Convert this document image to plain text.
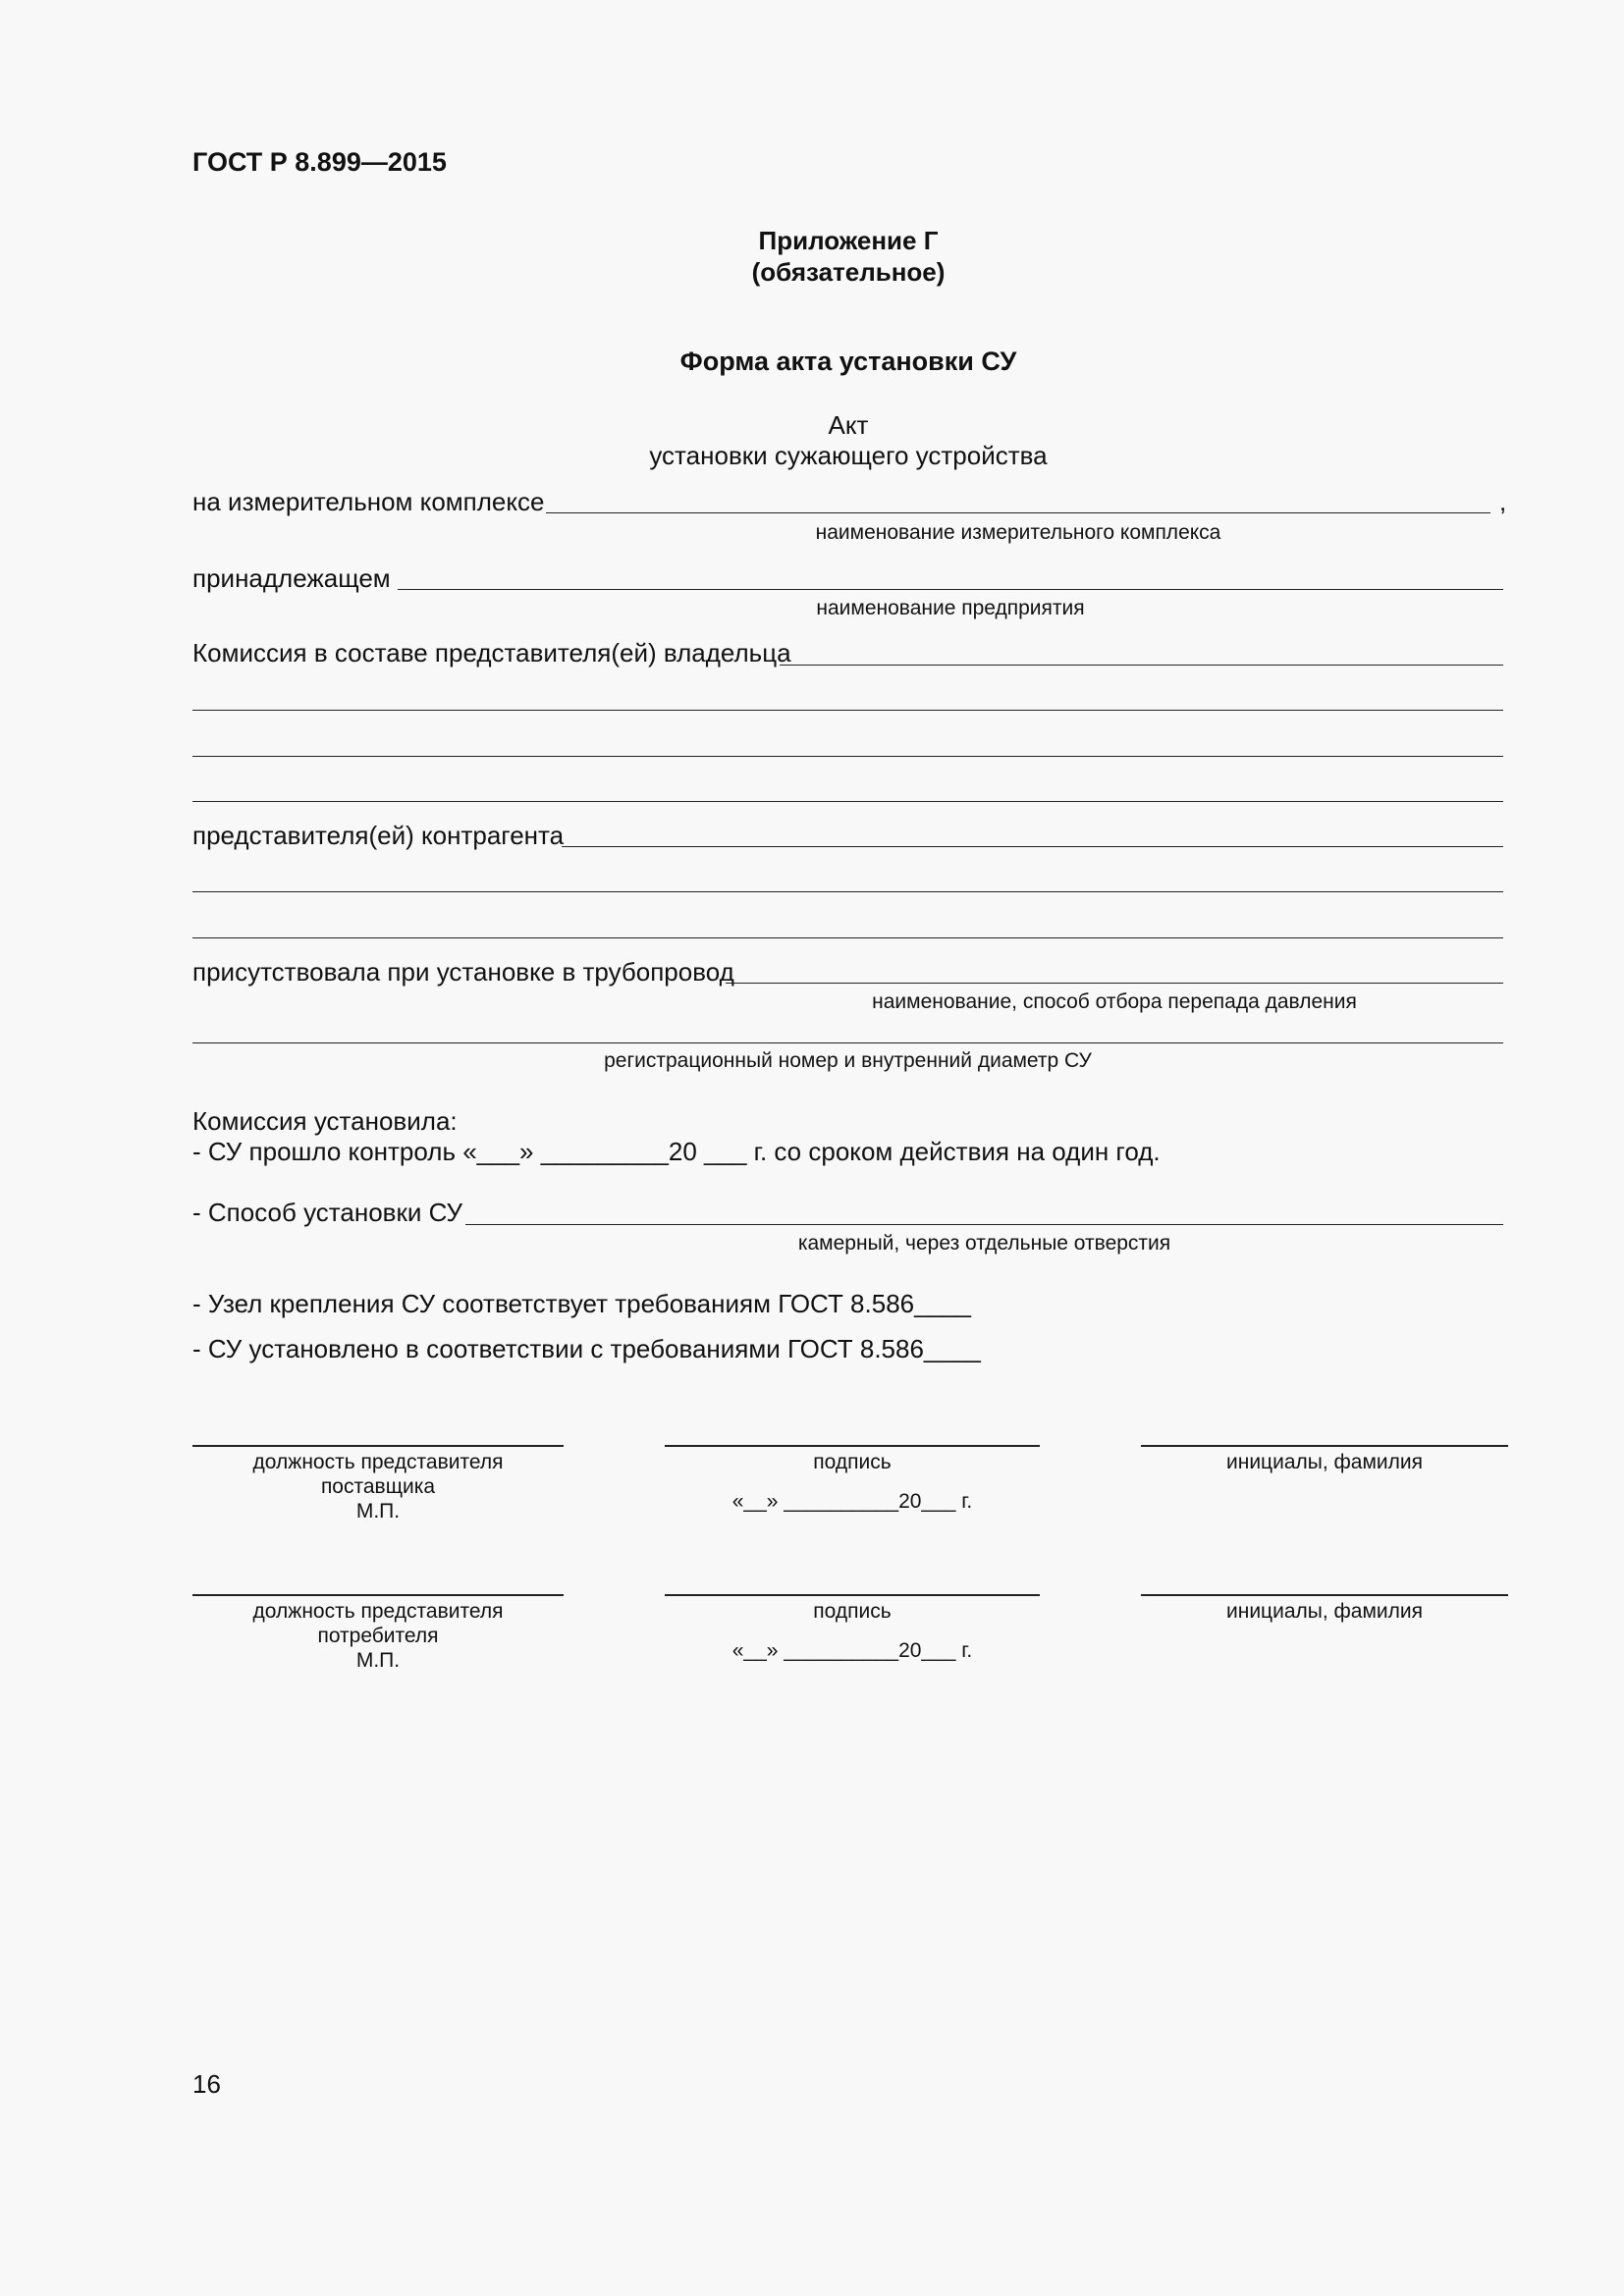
ГОСТ Р 8.899—2015
Приложение Г
(обязательное)
Форма акта установки СУ
Акт
установки сужающего устройства
на измерительном комплексе	,
наименование измерительного комплекса
принадлежащем
наименование предприятия
Комиссия в составе представителя(ей) владельца
представителя(ей) контрагента
присутствовала при установке в трубопровод
наименование, способ отбора перепада давления
регистрационный номер и внутренний диаметр СУ
Комиссия установила:
- СУ прошло контроль «___» _________20 ___ г. со сроком действия на один год.
- Способ установки СУ
камерный, через отдельные отверстия
- Узел крепления СУ соответствует требованиям ГОСТ 8.586____
- СУ установлено в соответствии с требованиями ГОСТ 8.586____
должность представителя
поставщика
М.П.
подпись
«__» __________20___ г.
инициалы, фамилия
должность представителя
потребителя
М.П.
подпись
«__» __________20___ г.
инициалы, фамилия
16
